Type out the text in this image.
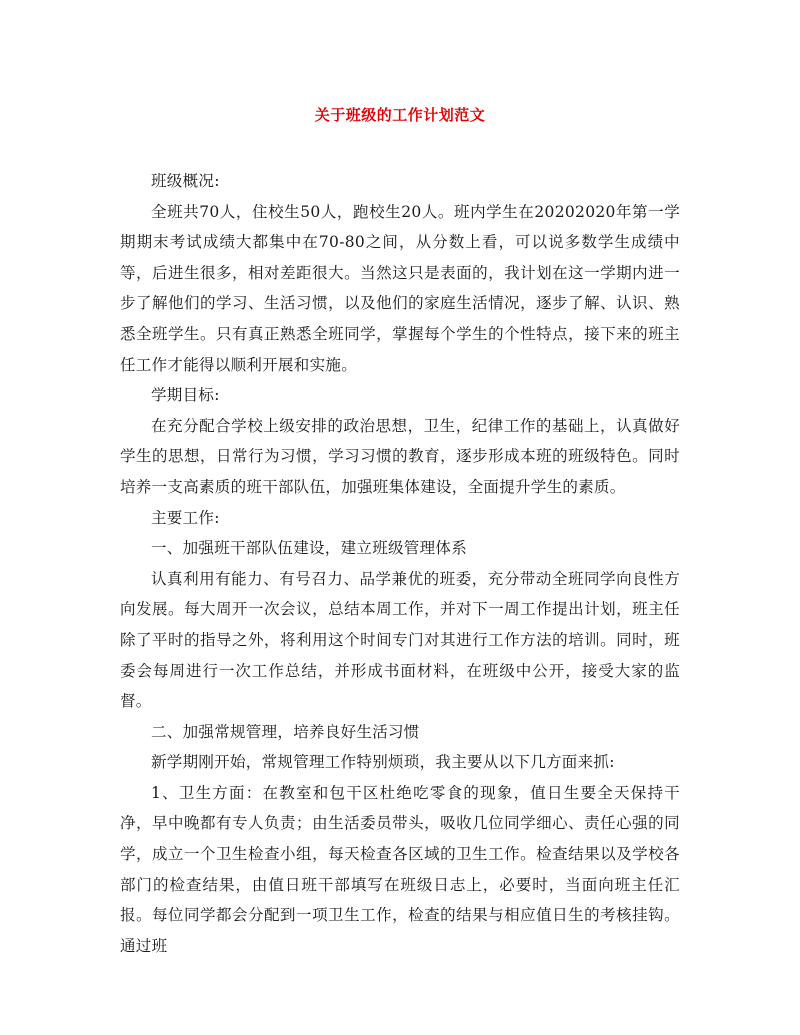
关于班级的工作计划范文

班级概况:

全班共70人，住校生50人，跑校生20人。班内学生在20202020年第一学期期末考试成绩大都集中在70-80之间，从分数上看，可以说多数学生成绩中等，后进生很多，相对差距很大。当然这只是表面的，我计划在这一学期内进一步了解他们的学习、生活习惯，以及他们的家庭生活情况，逐步了解、认识、熟悉全班学生。只有真正熟悉全班同学，掌握每个学生的个性特点，接下来的班主任工作才能得以顺利开展和实施。

学期目标:

在充分配合学校上级安排的政治思想，卫生，纪律工作的基础上，认真做好学生的思想，日常行为习惯，学习习惯的教育，逐步形成本班的班级特色。同时培养一支高素质的班干部队伍，加强班集体建设，全面提升学生的素质。

主要工作:

一、加强班干部队伍建设，建立班级管理体系

认真利用有能力、有号召力、品学兼优的班委，充分带动全班同学向良性方向发展。每大周开一次会议，总结本周工作，并对下一周工作提出计划，班主任除了平时的指导之外，将利用这个时间专门对其进行工作方法的培训。同时，班委会每周进行一次工作总结，并形成书面材料，在班级中公开，接受大家的监督。

二、加强常规管理，培养良好生活习惯

新学期刚开始，常规管理工作特别烦琐，我主要从以下几方面来抓:

1、卫生方面：在教室和包干区杜绝吃零食的现象，值日生要全天保持干净，早中晚都有专人负责；由生活委员带头，吸收几位同学细心、责任心强的同学，成立一个卫生检查小组，每天检查各区域的卫生工作。检查结果以及学校各部门的检查结果，由值日班干部填写在班级日志上，必要时，当面向班主任汇报。每位同学都会分配到一项卫生工作，检查的结果与相应值日生的考核挂钩。通过班
